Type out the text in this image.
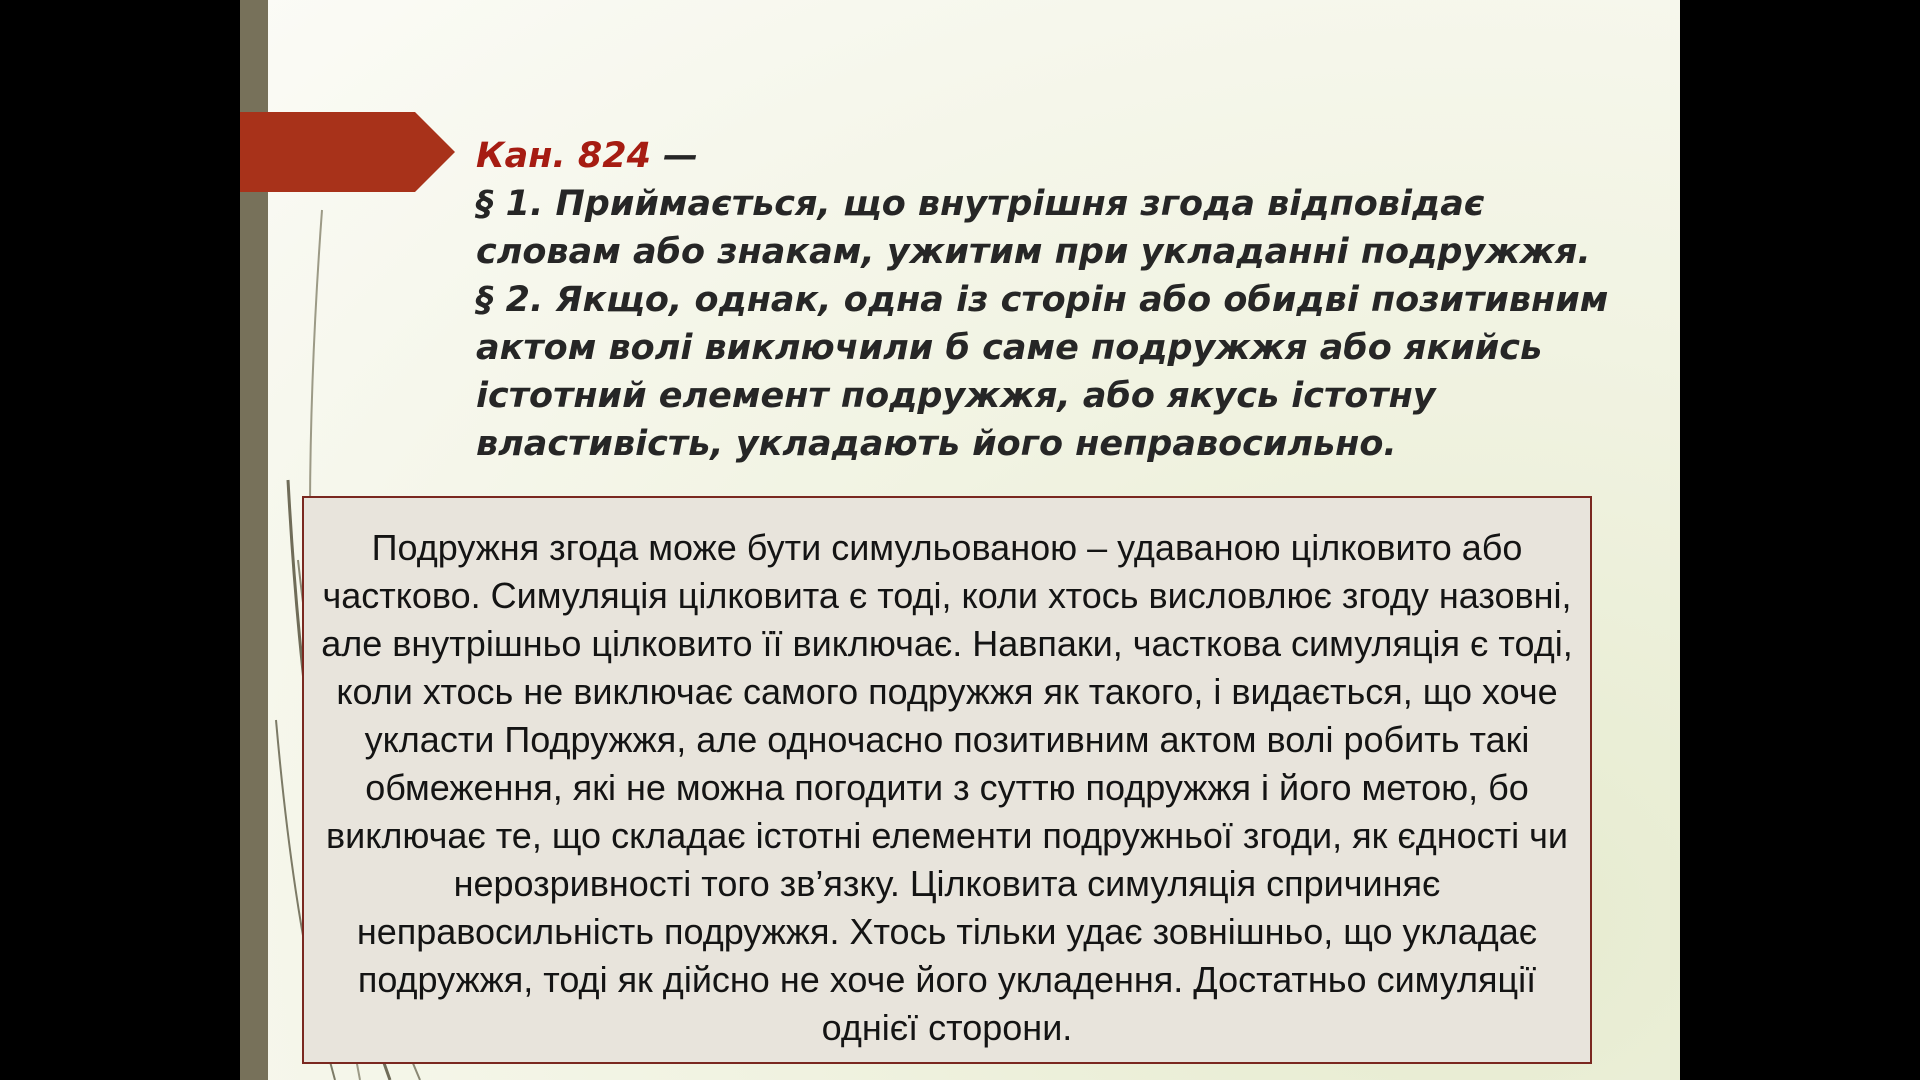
Кан. 824 —
§ 1. Приймається, що внутрішня згода відповідає словам або знакам, ужитим при укладанні подружжя.
§ 2. Якщо, однак, одна із сторін або обидві позитивним актом волі виключили б саме подружжя або якийсь істотний елемент подружжя, або якусь істотну властивість, укладають його неправосильно.

Подружня згода може бути симульованою – удаваною цілковито або частково. Симуляція цілковита є тоді, коли хтось висловлює згоду назовні, але внутрішньо цілковито її виключає. Навпаки, часткова симуляція є тоді, коли хтось не виключає самого подружжя як такого, і видається, що хоче укласти Подружжя, але одночасно позитивним актом волі робить такі обмеження, які не можна погодити з суттю подружжя і його метою, бо виключає те, що складає істотні елементи подружньої згоди, як єдності чи нерозривності того зв’язку. Цілковита симуляція спричиняє неправосильність подружжя. Хтось тільки удає зовнішньо, що укладає подружжя, тоді як дійсно не хоче його укладення. Достатньо симуляції однієї сторони.
